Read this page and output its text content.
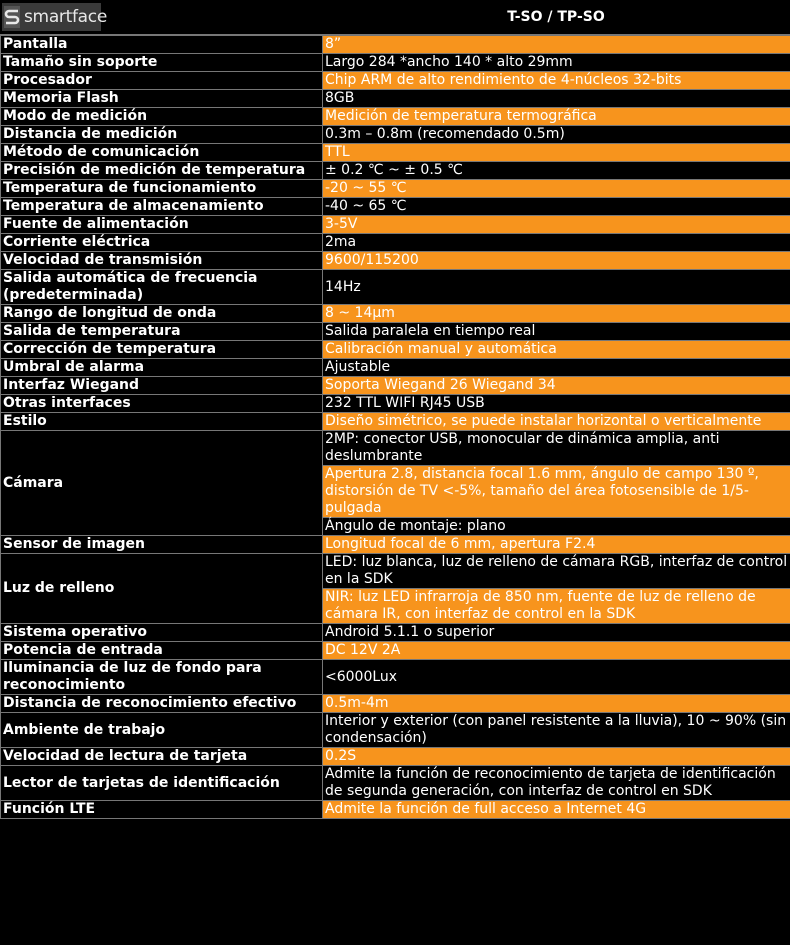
smartface	T-SO / TP-SO
Pantalla	8”
Tamaño sin soporte	Largo 284 *ancho 140 * alto 29mm
Procesador	Chip ARM de alto rendimiento de 4-núcleos 32-bits
Memoria Flash	8GB
Modo de medición	Medición de temperatura termográfica
Distancia de medición	0.3m – 0.8m (recomendado 0.5m)
Método de comunicación	TTL
Precisión de medición de temperatura	± 0.2 ℃ ~ ± 0.5 ℃
Temperatura de funcionamiento	-20 ~ 55 ℃
Temperatura de almacenamiento	-40 ~ 65 ℃
Fuente de alimentación	3-5V
Corriente eléctrica	2ma
Velocidad de transmisión	9600/115200
Salida automática de frecuencia (predeterminada)	14Hz
Rango de longitud de onda	8 ~ 14μm
Salida de temperatura	Salida paralela en tiempo real
Corrección de temperatura	Calibración manual y automática
Umbral de alarma	Ajustable
Interfaz Wiegand	Soporta Wiegand 26 Wiegand 34
Otras interfaces	232 TTL WIFI RJ45 USB
Estilo	Diseño simétrico, se puede instalar horizontal o verticalmente
Cámara	2MP: conector USB, monocular de dinámica amplia, anti deslumbrante
	Apertura 2.8, distancia focal 1.6 mm, ángulo de campo 130 º, distorsión de TV <-5%, tamaño del área fotosensible de 1/5-pulgada
	Ángulo de montaje: plano
Sensor de imagen	Longitud focal de 6 mm, apertura F2.4
Luz de relleno	LED: luz blanca, luz de relleno de cámara RGB, interfaz de control en la SDK
	NIR: luz LED infrarroja de 850 nm, fuente de luz de relleno de cámara IR, con interfaz de control en la SDK
Sistema operativo	Android 5.1.1 o superior
Potencia de entrada	DC 12V 2A
Iluminancia de luz de fondo para reconocimiento	<6000Lux
Distancia de reconocimiento efectivo	0.5m-4m
Ambiente de trabajo	Interior y exterior (con panel resistente a la lluvia), 10 ~ 90% (sin condensación)
Velocidad de lectura de tarjeta	0.2S
Lector de tarjetas de identificación	Admite la función de reconocimiento de tarjeta de identificación de segunda generación, con interfaz de control en SDK
Función LTE	Admite la función de full acceso a Internet 4G
